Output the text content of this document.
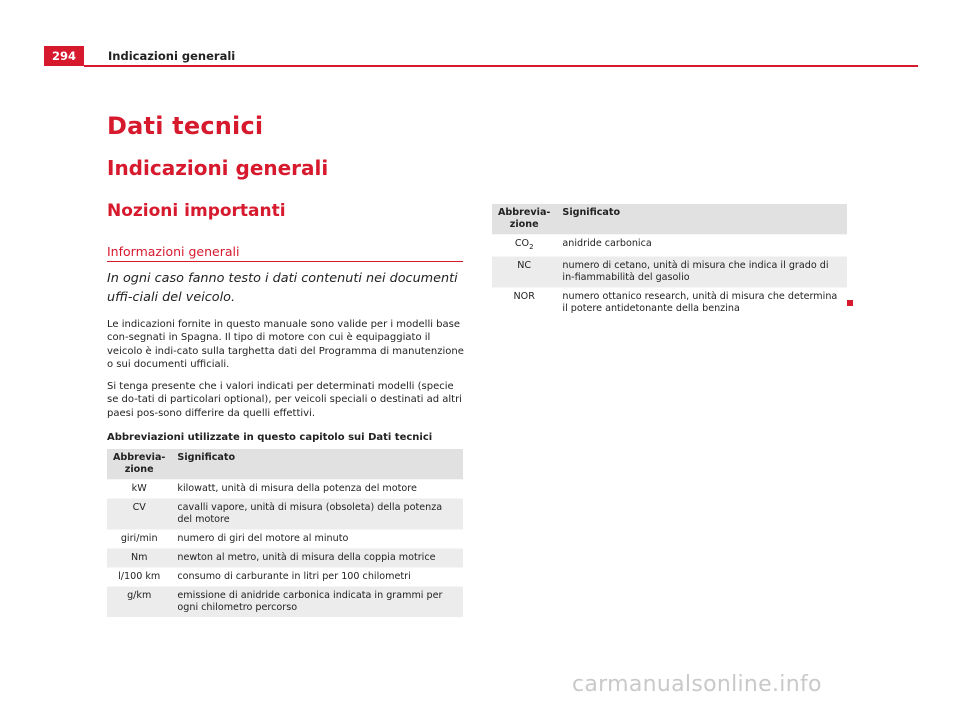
294	Indicazioni generali
Dati tecnici
Indicazioni generali
Nozioni importanti
Informazioni generali

In ogni caso fanno testo i dati contenuti nei documenti uffi-ciali del veicolo.

Le indicazioni fornite in questo manuale sono valide per i modelli base con-segnati in Spagna. Il tipo di motore con cui è equipaggiato il veicolo è indi-cato sulla targhetta dati del Programma di manutenzione o sui documenti ufficiali.

Si tenga presente che i valori indicati per determinati modelli (specie se do-tati di particolari optional), per veicoli speciali o destinati ad altri paesi pos-sono differire da quelli effettivi.

Abbreviazioni utilizzate in questo capitolo sui Dati tecnici

Abbrevia-zione	Significato
kW	kilowatt, unità di misura della potenza del motore
CV	cavalli vapore, unità di misura (obsoleta) della potenza del motore
giri/min	numero di giri del motore al minuto
Nm	newton al metro, unità di misura della coppia motrice
l/100 km	consumo di carburante in litri per 100 chilometri
g/km	emissione di anidride carbonica indicata in grammi per ogni chilometro percorso
Abbrevia-zione	Significato
$CO_2$	anidride carbonica
NC	numero di cetano, unità di misura che indica il grado di in-fiammabilità del gasolio
NOR	numero ottanico research, unità di misura che determina il potere antidetonante della benzina
carmanualsonline.info
